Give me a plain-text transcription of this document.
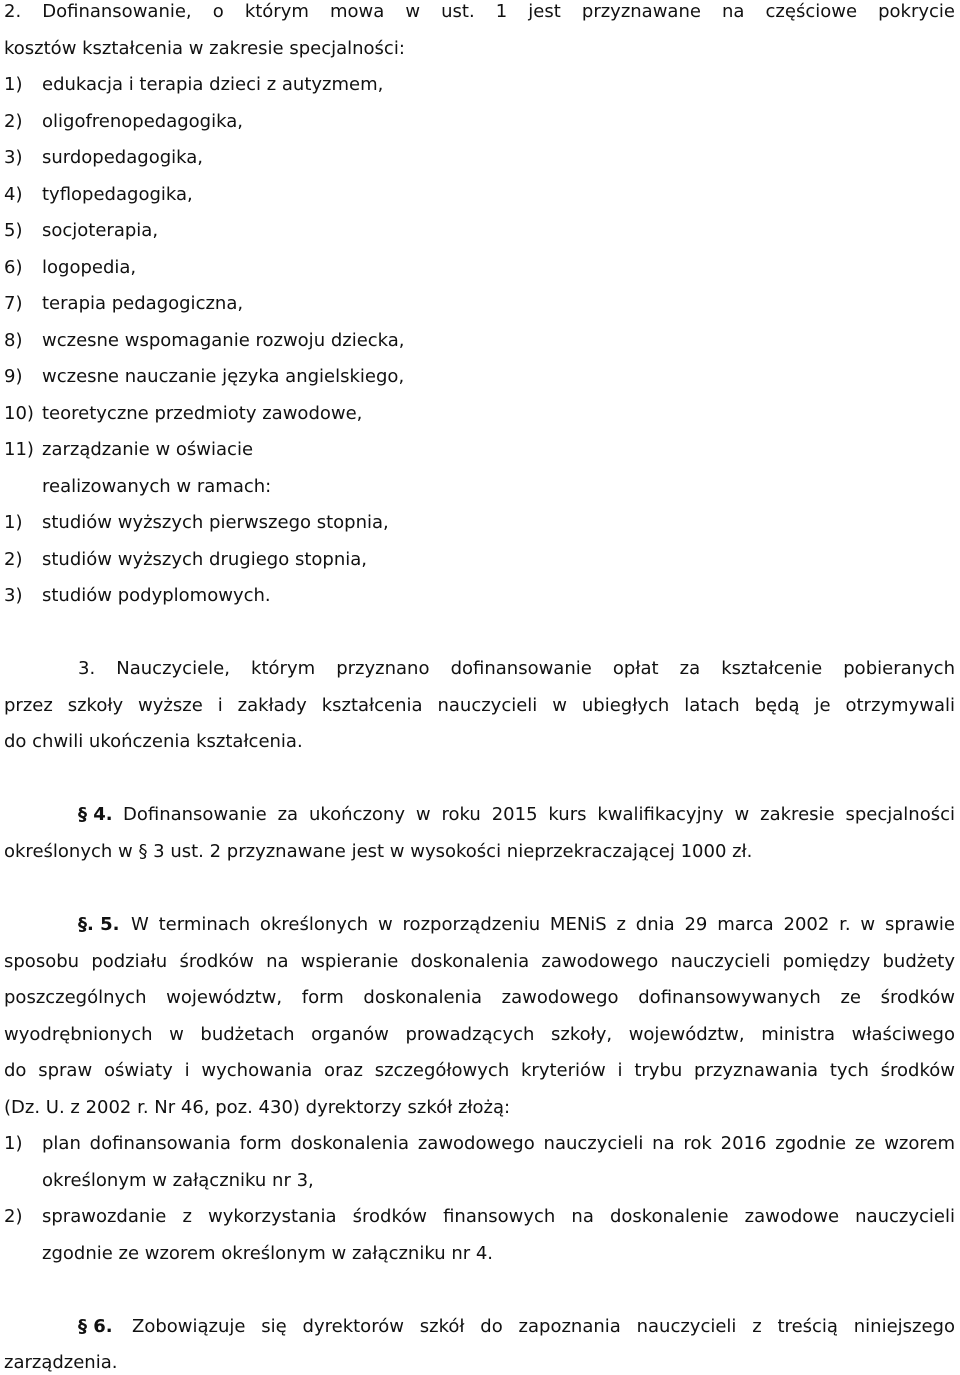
2. Dofinansowanie, o którym mowa w ust. 1 jest przyznawane na częściowe pokrycie
kosztów kształcenia w zakresie specjalności:
1) edukacja i terapia dzieci z autyzmem,
2) oligofrenopedagogika,
3) surdopedagogika,
4) tyflopedagogika,
5) socjoterapia,
6) logopedia,
7) terapia pedagogiczna,
8) wczesne wspomaganie rozwoju dziecka,
9) wczesne nauczanie języka angielskiego,
10) teoretyczne przedmioty zawodowe,
11) zarządzanie w oświacie
realizowanych w ramach:
1) studiów wyższych pierwszego stopnia,
2) studiów wyższych drugiego stopnia,
3) studiów podyplomowych.
3. Nauczyciele, którym przyznano dofinansowanie opłat za kształcenie pobieranych
przez szkoły wyższe i zakłady kształcenia nauczycieli w ubiegłych latach będą je otrzymywali
do chwili ukończenia kształcenia.
§ 4. Dofinansowanie za ukończony w roku 2015 kurs kwalifikacyjny w zakresie specjalności
określonych w § 3 ust. 2 przyznawane jest w wysokości nieprzekraczającej 1000 zł.
§. 5. W terminach określonych w rozporządzeniu MENiS z dnia 29 marca 2002 r. w sprawie
sposobu podziału środków na wspieranie doskonalenia zawodowego nauczycieli pomiędzy budżety
poszczególnych województw, form doskonalenia zawodowego dofinansowywanych ze środków
wyodrębnionych w budżetach organów prowadzących szkoły, województw, ministra właściwego
do spraw oświaty i wychowania oraz szczegółowych kryteriów i trybu przyznawania tych środków
(Dz. U. z 2002 r. Nr 46, poz. 430) dyrektorzy szkół złożą:
1) plan dofinansowania form doskonalenia zawodowego nauczycieli na rok 2016 zgodnie ze wzorem
określonym w załączniku nr 3,
2) sprawozdanie z wykorzystania środków finansowych na doskonalenie zawodowe nauczycieli
zgodnie ze wzorem określonym w załączniku nr 4.
§ 6. Zobowiązuje się dyrektorów szkół do zapoznania nauczycieli z treścią niniejszego
zarządzenia.
